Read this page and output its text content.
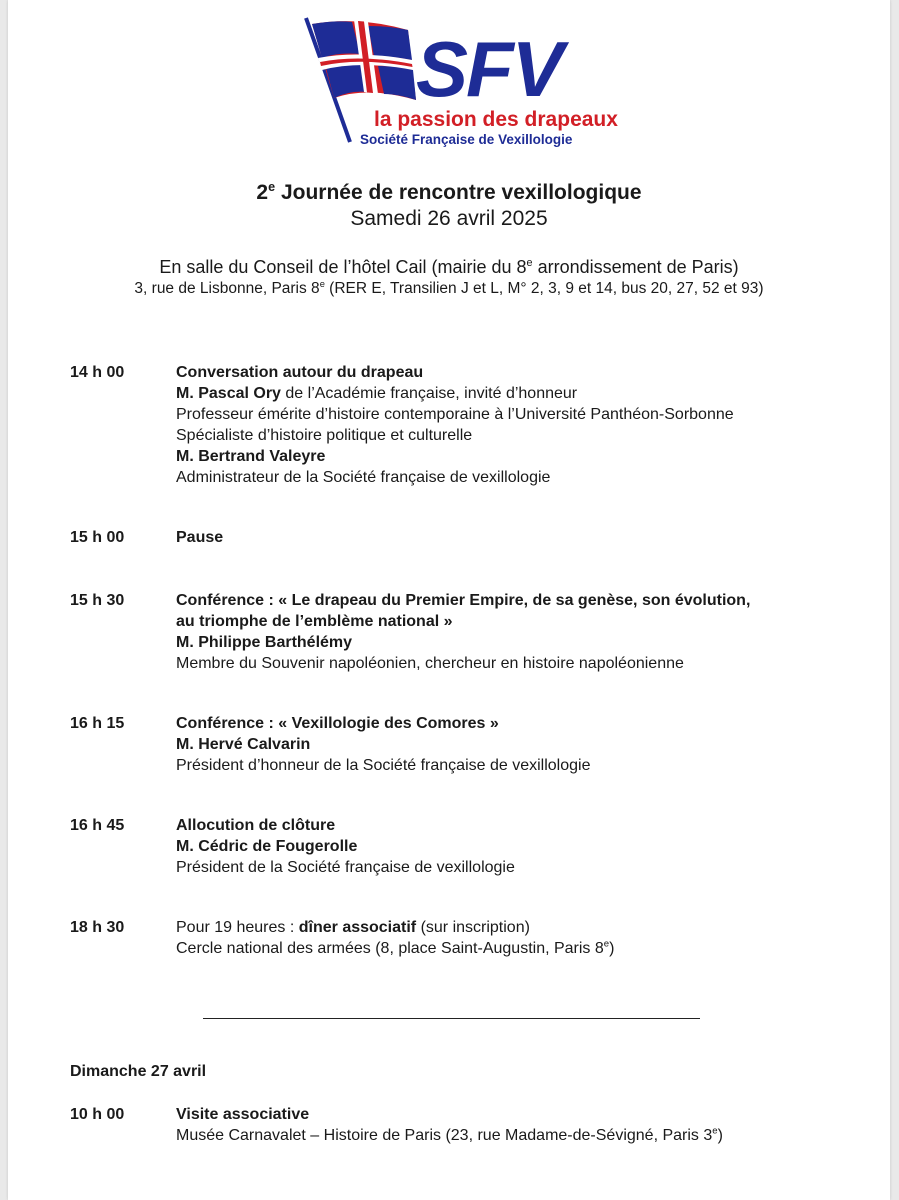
SFV
la passion des drapeaux
Société Française de Vexillologie
2e Journée de rencontre vexillologique
Samedi 26 avril 2025
En salle du Conseil de l’hôtel Cail (mairie du 8e arrondissement de Paris)
3, rue de Lisbonne, Paris 8e (RER E, Transilien J et L, M° 2, 3, 9 et 14, bus 20, 27, 52 et 93)
14 h 00	Conversation autour du drapeau
M. Pascal Ory de l’Académie française, invité d’honneur
Professeur émérite d’histoire contemporaine à l’Université Panthéon-Sorbonne
Spécialiste d’histoire politique et culturelle
M. Bertrand Valeyre
Administrateur de la Société française de vexillologie
15 h 00	Pause
15 h 30	Conférence : « Le drapeau du Premier Empire, de sa genèse, son évolution,
au triomphe de l’emblème national »
M. Philippe Barthélémy
Membre du Souvenir napoléonien, chercheur en histoire napoléonienne
16 h 15	Conférence : « Vexillologie des Comores »
M. Hervé Calvarin
Président d’honneur de la Société française de vexillologie
16 h 45	Allocution de clôture
M. Cédric de Fougerolle
Président de la Société française de vexillologie
18 h 30	Pour 19 heures : dîner associatif (sur inscription)
Cercle national des armées (8, place Saint-Augustin, Paris 8e)
Dimanche 27 avril
10 h 00	Visite associative
Musée Carnavalet – Histoire de Paris (23, rue Madame-de-Sévigné, Paris 3e)
